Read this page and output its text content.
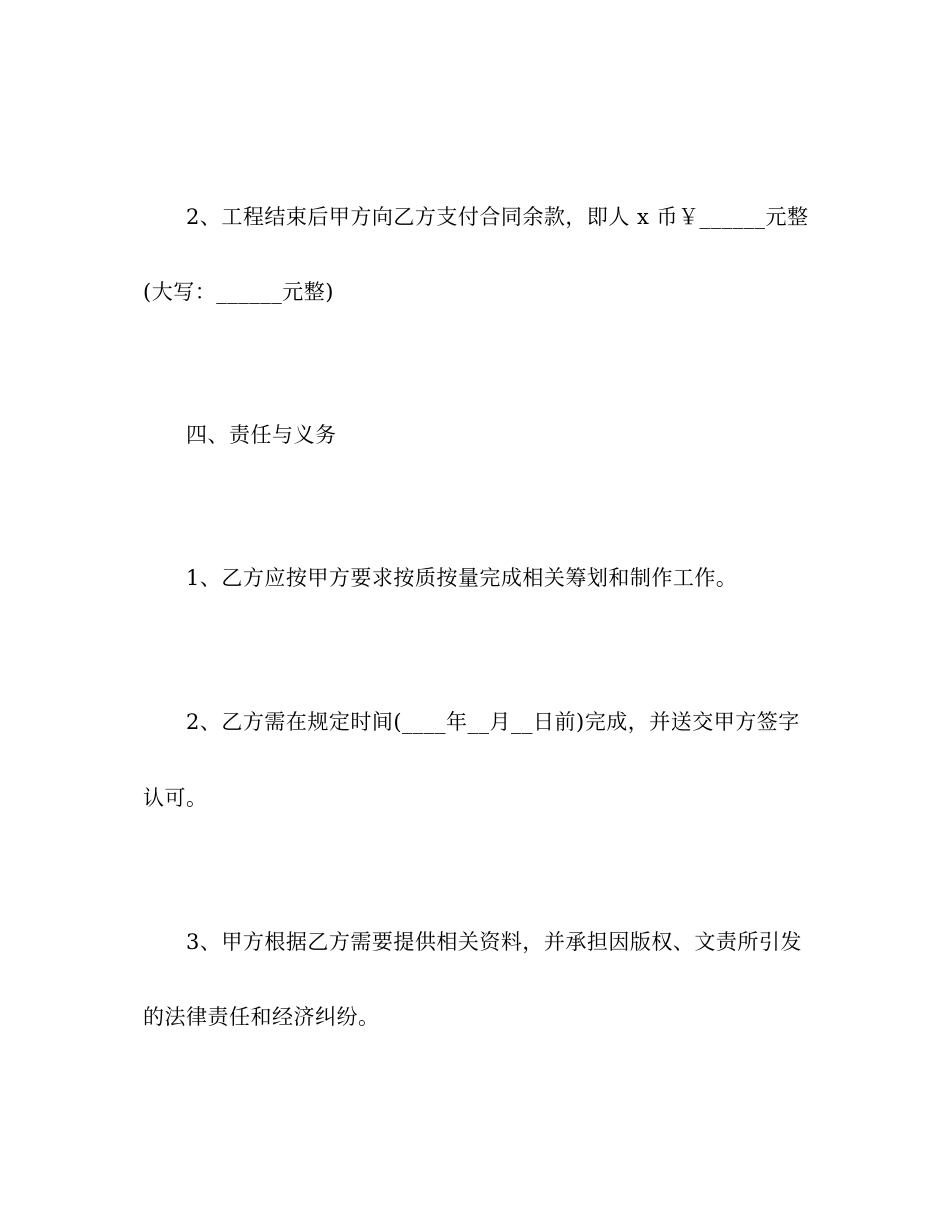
2、工程结束后甲方向乙方支付合同余款，即人 x 币￥______元整

(大写：______元整)

四、责任与义务

1、乙方应按甲方要求按质按量完成相关筹划和制作工作。

2、乙方需在规定时间(____年__月__日前)完成，并送交甲方签字

认可。

3、甲方根据乙方需要提供相关资料，并承担因版权、文责所引发

的法律责任和经济纠纷。
